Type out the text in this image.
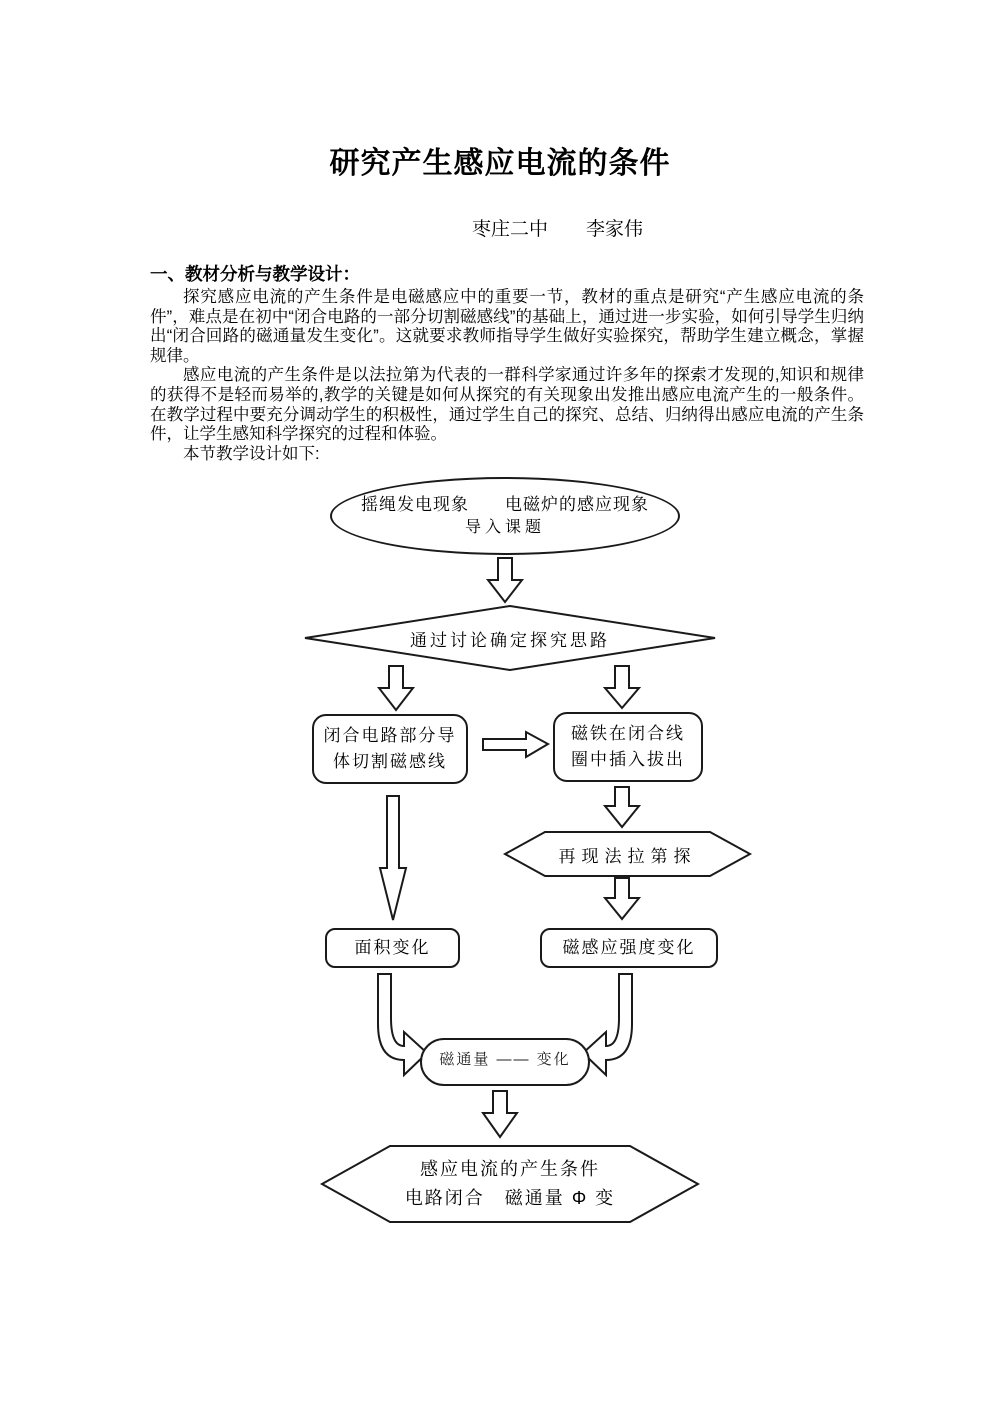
研究产生感应电流的条件
枣庄二中　　李家伟
一、教材分析与教学设计：

探究感应电流的产生条件是电磁感应中的重要一节，教材的重点是研究“产生感应电流的条件”，难点是在初中“闭合电路的一部分切割磁感线”的基础上，通过进一步实验，如何引导学生归纳出“闭合回路的磁通量发生变化”。这就要求教师指导学生做好实验探究，帮助学生建立概念，掌握规律。

感应电流的产生条件是以法拉第为代表的一群科学家通过许多年的探索才发现的,知识和规律的获得不是轻而易举的,教学的关键是如何从探究的有关现象出发推出感应电流产生的一般条件。在教学过程中要充分调动学生的积极性，通过学生自己的探究、总结、归纳得出感应电流的产生条件，让学生感知科学探究的过程和体验。

本节教学设计如下:

摇绳发电现象　　电磁炉的感应现象
导入课题
通过讨论确定探究思路
闭合电路部分导
体切割磁感线
磁铁在闭合线
圈中插入拔出
再现法拉第探
面积变化	磁感应强度变化
磁通量 —— 变化
感应电流的产生条件
电路闭合　磁通量 Φ 变
